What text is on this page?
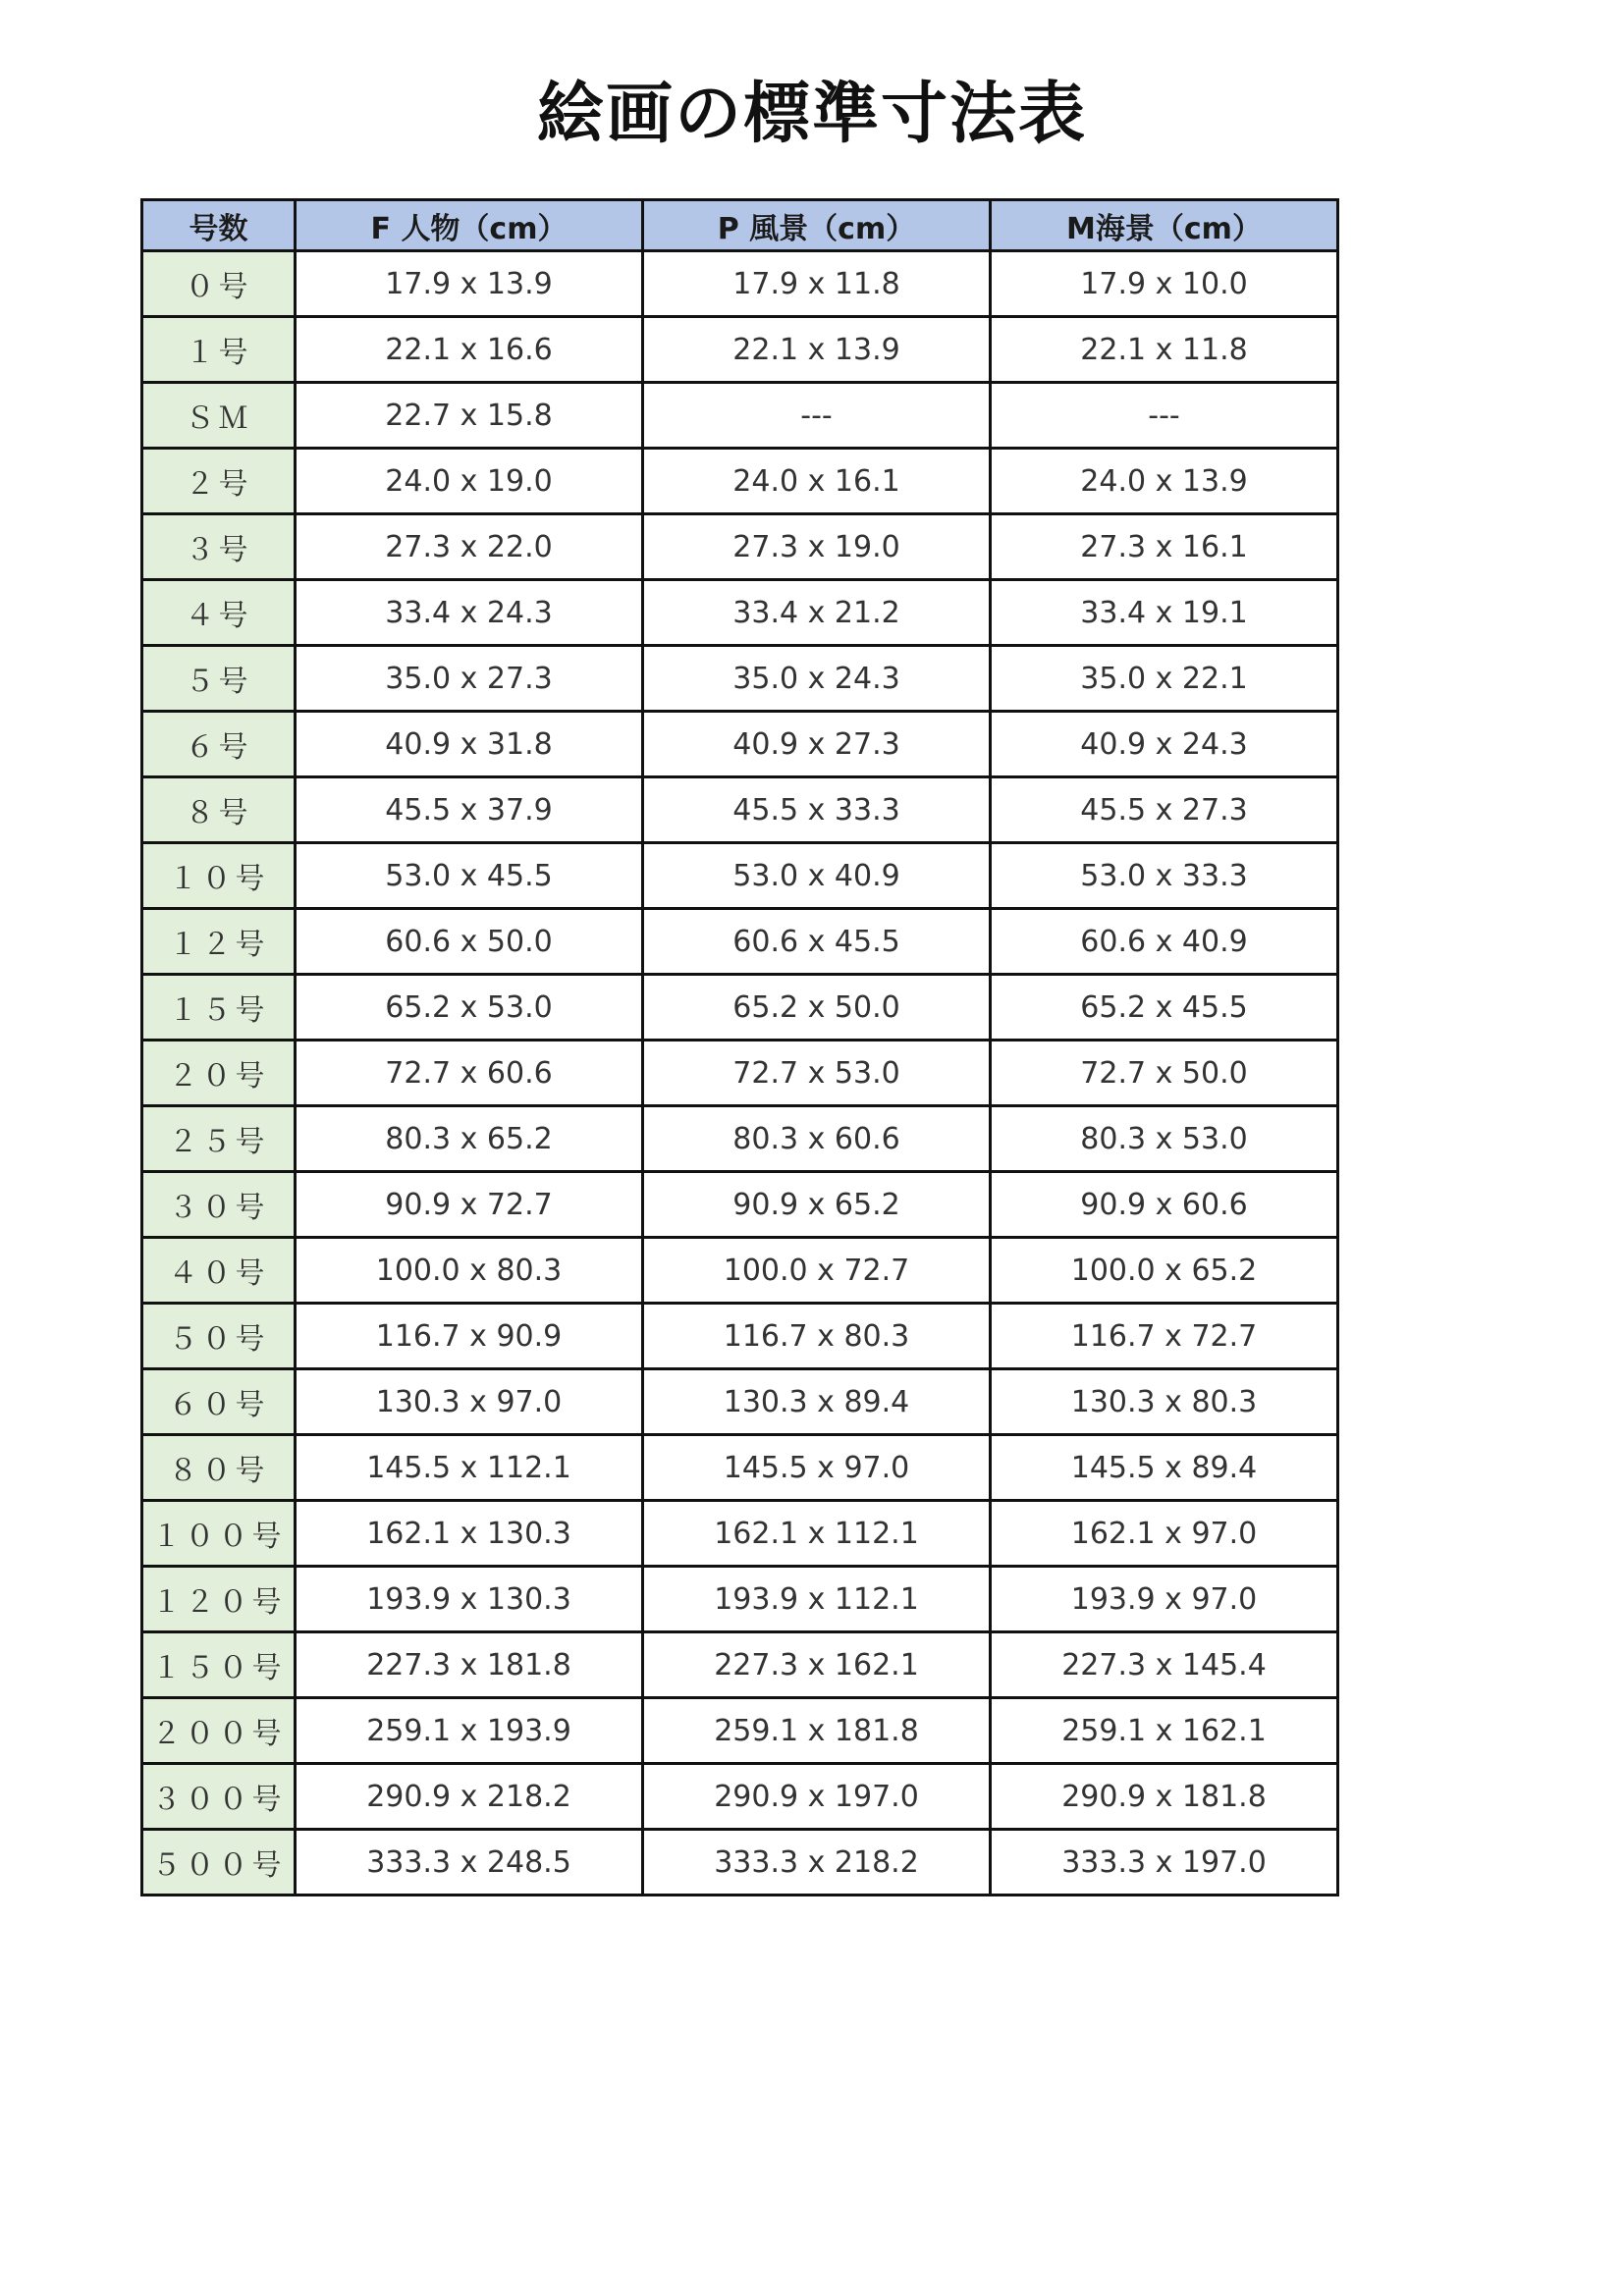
絵画の標準寸法表
号数	F 人物（cm）	P 風景（cm）	M海景（cm）
０号	17.9 x 13.9	17.9 x 11.8	17.9 x 10.0
１号	22.1 x 16.6	22.1 x 13.9	22.1 x 11.8
ＳＭ	22.7 x 15.8	---	---
２号	24.0 x 19.0	24.0 x 16.1	24.0 x 13.9
３号	27.3 x 22.0	27.3 x 19.0	27.3 x 16.1
４号	33.4 x 24.3	33.4 x 21.2	33.4 x 19.1
５号	35.0 x 27.3	35.0 x 24.3	35.0 x 22.1
６号	40.9 x 31.8	40.9 x 27.3	40.9 x 24.3
８号	45.5 x 37.9	45.5 x 33.3	45.5 x 27.3
１０号	53.0 x 45.5	53.0 x 40.9	53.0 x 33.3
１２号	60.6 x 50.0	60.6 x 45.5	60.6 x 40.9
１５号	65.2 x 53.0	65.2 x 50.0	65.2 x 45.5
２０号	72.7 x 60.6	72.7 x 53.0	72.7 x 50.0
２５号	80.3 x 65.2	80.3 x 60.6	80.3 x 53.0
３０号	90.9 x 72.7	90.9 x 65.2	90.9 x 60.6
４０号	100.0 x 80.3	100.0 x 72.7	100.0 x 65.2
５０号	116.7 x 90.9	116.7 x 80.3	116.7 x 72.7
６０号	130.3 x 97.0	130.3 x 89.4	130.3 x 80.3
８０号	145.5 x 112.1	145.5 x 97.0	145.5 x 89.4
１００号	162.1 x 130.3	162.1 x 112.1	162.1 x 97.0
１２０号	193.9 x 130.3	193.9 x 112.1	193.9 x 97.0
１５０号	227.3 x 181.8	227.3 x 162.1	227.3 x 145.4
２００号	259.1 x 193.9	259.1 x 181.8	259.1 x 162.1
３００号	290.9 x 218.2	290.9 x 197.0	290.9 x 181.8
５００号	333.3 x 248.5	333.3 x 218.2	333.3 x 197.0
